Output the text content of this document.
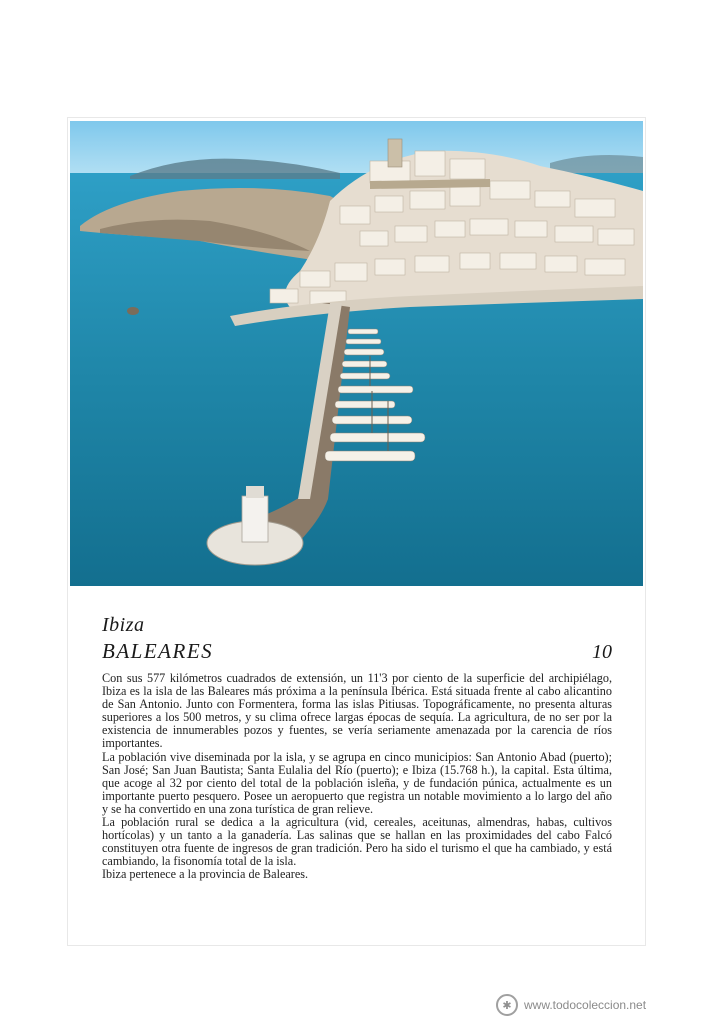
Ibiza
BALEARES	10

Con sus 577 kilómetros cuadrados de extensión, un 11'3 por ciento de la superficie del archipiélago, Ibiza es la isla de las Baleares más próxima a la península Ibérica. Está situada frente al cabo alicantino de San Antonio. Junto con Formentera, forma las islas Pitiusas. Topográficamente, no presenta alturas superiores a los 500 metros, y su clima ofrece largas épocas de sequía. La agricultura, de no ser por la existencia de innumerables pozos y fuentes, se vería seriamente amenazada por la carencia de ríos importantes.

La población vive diseminada por la isla, y se agrupa en cinco municipios: San Antonio Abad (puerto); San José; San Juan Bautista; Santa Eulalia del Río (puerto); e Ibiza (15.768 h.), la capital. Esta última, que acoge al 32 por ciento del total de la población isleña, y de fundación púnica, actualmente es un importante puerto pesquero. Posee un aeropuerto que registra un notable movimiento a lo largo del año y se ha convertido en una zona turística de gran relieve.

La población rural se dedica a la agricultura (vid, cereales, aceitunas, almendras, habas, cultivos hortícolas) y un tanto a la ganadería. Las salinas que se hallan en las proximidades del cabo Falcó constituyen otra fuente de ingresos de gran tradición. Pero ha sido el turismo el que ha cambiado, y está cambiando, la fisonomía total de la isla.

Ibiza pertenece a la provincia de Baleares.

✱	www.todocoleccion.net
